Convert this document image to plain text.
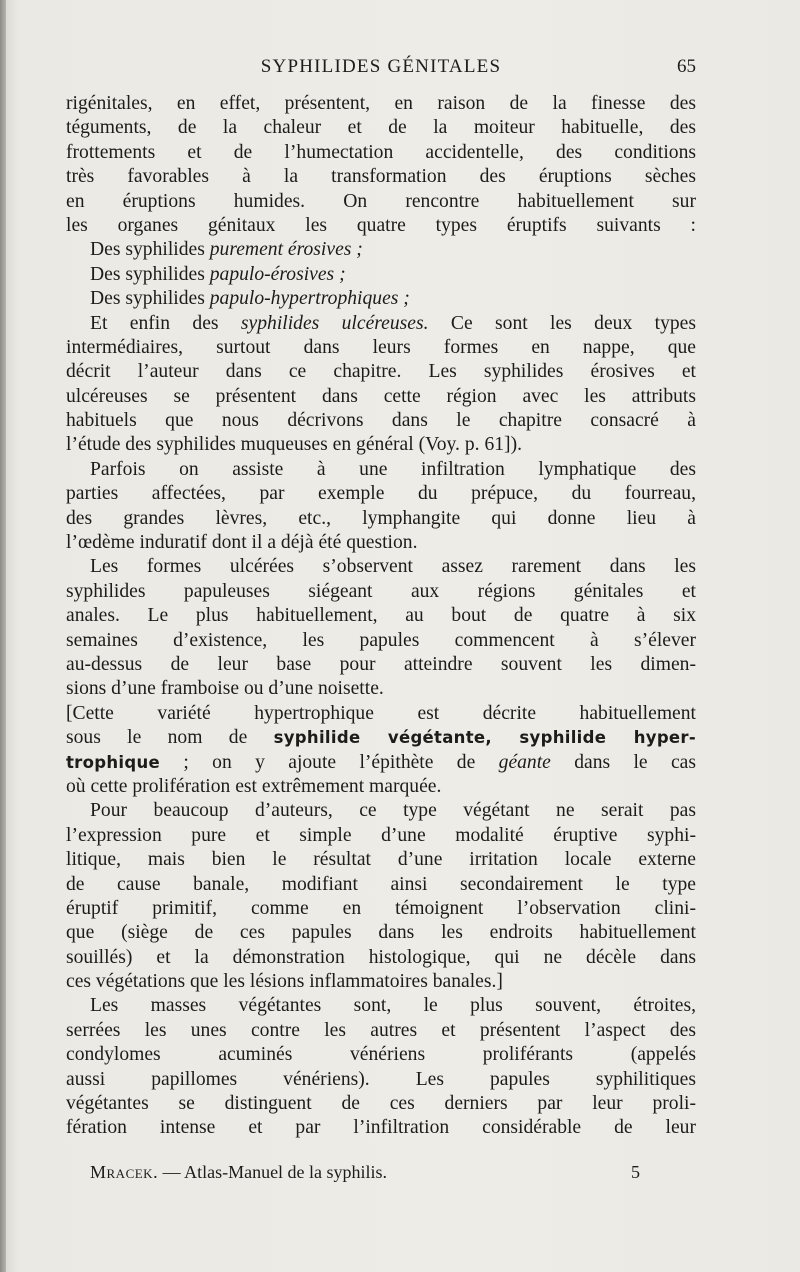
SYPHILIDES GÉNITALES	65
rigénitales, en effet, présentent, en raison de la finesse des
téguments, de la chaleur et de la moiteur habituelle, des
frottements et de l’humectation accidentelle, des conditions
très favorables à la transformation des éruptions sèches
en éruptions humides. On rencontre habituellement sur
les organes génitaux les quatre types éruptifs suivants :
Des syphilides purement érosives ;
Des syphilides papulo-érosives ;
Des syphilides papulo-hypertrophiques ;
Et enfin des syphilides ulcéreuses. Ce sont les deux types
intermédiaires, surtout dans leurs formes en nappe, que
décrit l’auteur dans ce chapitre. Les syphilides érosives et
ulcéreuses se présentent dans cette région avec les attributs
habituels que nous décrivons dans le chapitre consacré à
l’étude des syphilides muqueuses en général (Voy. p. 61]).
Parfois on assiste à une infiltration lymphatique des
parties affectées, par exemple du prépuce, du fourreau,
des grandes lèvres, etc., lymphangite qui donne lieu à
l’œdème induratif dont il a déjà été question.
Les formes ulcérées s’observent assez rarement dans les
syphilides papuleuses siégeant aux régions génitales et
anales. Le plus habituellement, au bout de quatre à six
semaines d’existence, les papules commencent à s’élever
au-dessus de leur base pour atteindre souvent les dimen-
sions d’une framboise ou d’une noisette.
[Cette variété hypertrophique est décrite habituellement
sous le nom de syphilide végétante, syphilide hyper-
trophique ; on y ajoute l’épithète de géante dans le cas
où cette prolifération est extrêmement marquée.
Pour beaucoup d’auteurs, ce type végétant ne serait pas
l’expression pure et simple d’une modalité éruptive syphi-
litique, mais bien le résultat d’une irritation locale externe
de cause banale, modifiant ainsi secondairement le type
éruptif primitif, comme en témoignent l’observation clini-
que (siège de ces papules dans les endroits habituellement
souillés) et la démonstration histologique, qui ne décèle dans
ces végétations que les lésions inflammatoires banales.]
Les masses végétantes sont, le plus souvent, étroites,
serrées les unes contre les autres et présentent l’aspect des
condylomes acuminés vénériens proliférants (appelés
aussi papillomes vénériens). Les papules syphilitiques
végétantes se distinguent de ces derniers par leur proli-
fération intense et par l’infiltration considérable de leur
Mracek. — Atlas-Manuel de la syphilis.	5
